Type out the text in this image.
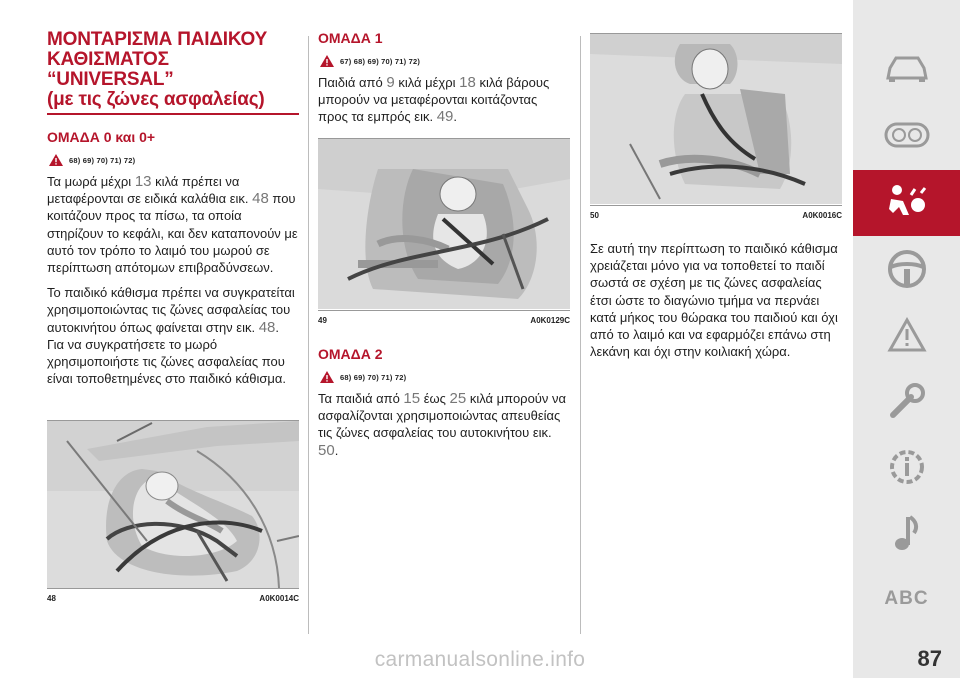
ΜΟΝΤΑΡΙΣΜΑ ΠΑΙΔΙΚΟΥ
ΚΑΘΙΣΜΑΤΟΣ “UNIVERSAL”
(με τις ζώνες ασφαλείας)
ΟΜΑΔΑ 0 και 0+
68) 69) 70) 71) 72)

Τα μωρά μέχρι 13 κιλά πρέπει να μεταφέρονται σε ειδικά καλάθια εικ. 48 που κοιτάζουν προς τα πίσω, τα οποία στηρίζουν το κεφάλι, και δεν καταπονούν με αυτό τον τρόπο το λαιμό του μωρού σε περίπτωση απότομων επιβραδύνσεων.

Το παιδικό κάθισμα πρέπει να συγκρατείται χρησιμοποιώντας τις ζώνες ασφαλείας του αυτοκινήτου όπως φαίνεται στην εικ. 48. Για να συγκρατήσετε το μωρό χρησιμοποιήστε τις ζώνες ασφαλείας που είναι τοποθετημένες στο παιδικό κάθισμα.

48	A0K0014C
ΟΜΑΔΑ 1
67) 68) 69) 70) 71) 72)

Παιδιά από 9 κιλά μέχρι 18 κιλά βάρους μπορούν να μεταφέρονται κοιτάζοντας προς τα εμπρός εικ. 49.

49	A0K0129C
ΟΜΑΔΑ 2
68) 69) 70) 71) 72)

Τα παιδιά από 15 έως 25 κιλά μπορούν να ασφαλίζονται χρησιμοποιώντας απευθείας τις ζώνες ασφαλείας του αυτοκινήτου εικ. 50.

50	A0K0016C

Σε αυτή την περίπτωση το παιδικό κάθισμα χρειάζεται μόνο για να τοποθετεί το παιδί σωστά σε σχέση με τις ζώνες ασφαλείας έτσι ώστε το διαγώνιο τμήμα να περνάει κατά μήκος του θώρακα του παιδιού και όχι από το λαιμό και να εφαρμόζει επάνω στη λεκάνη και όχι στην κοιλιακή χώρα.

ABC
87
carmanualsonline.info
